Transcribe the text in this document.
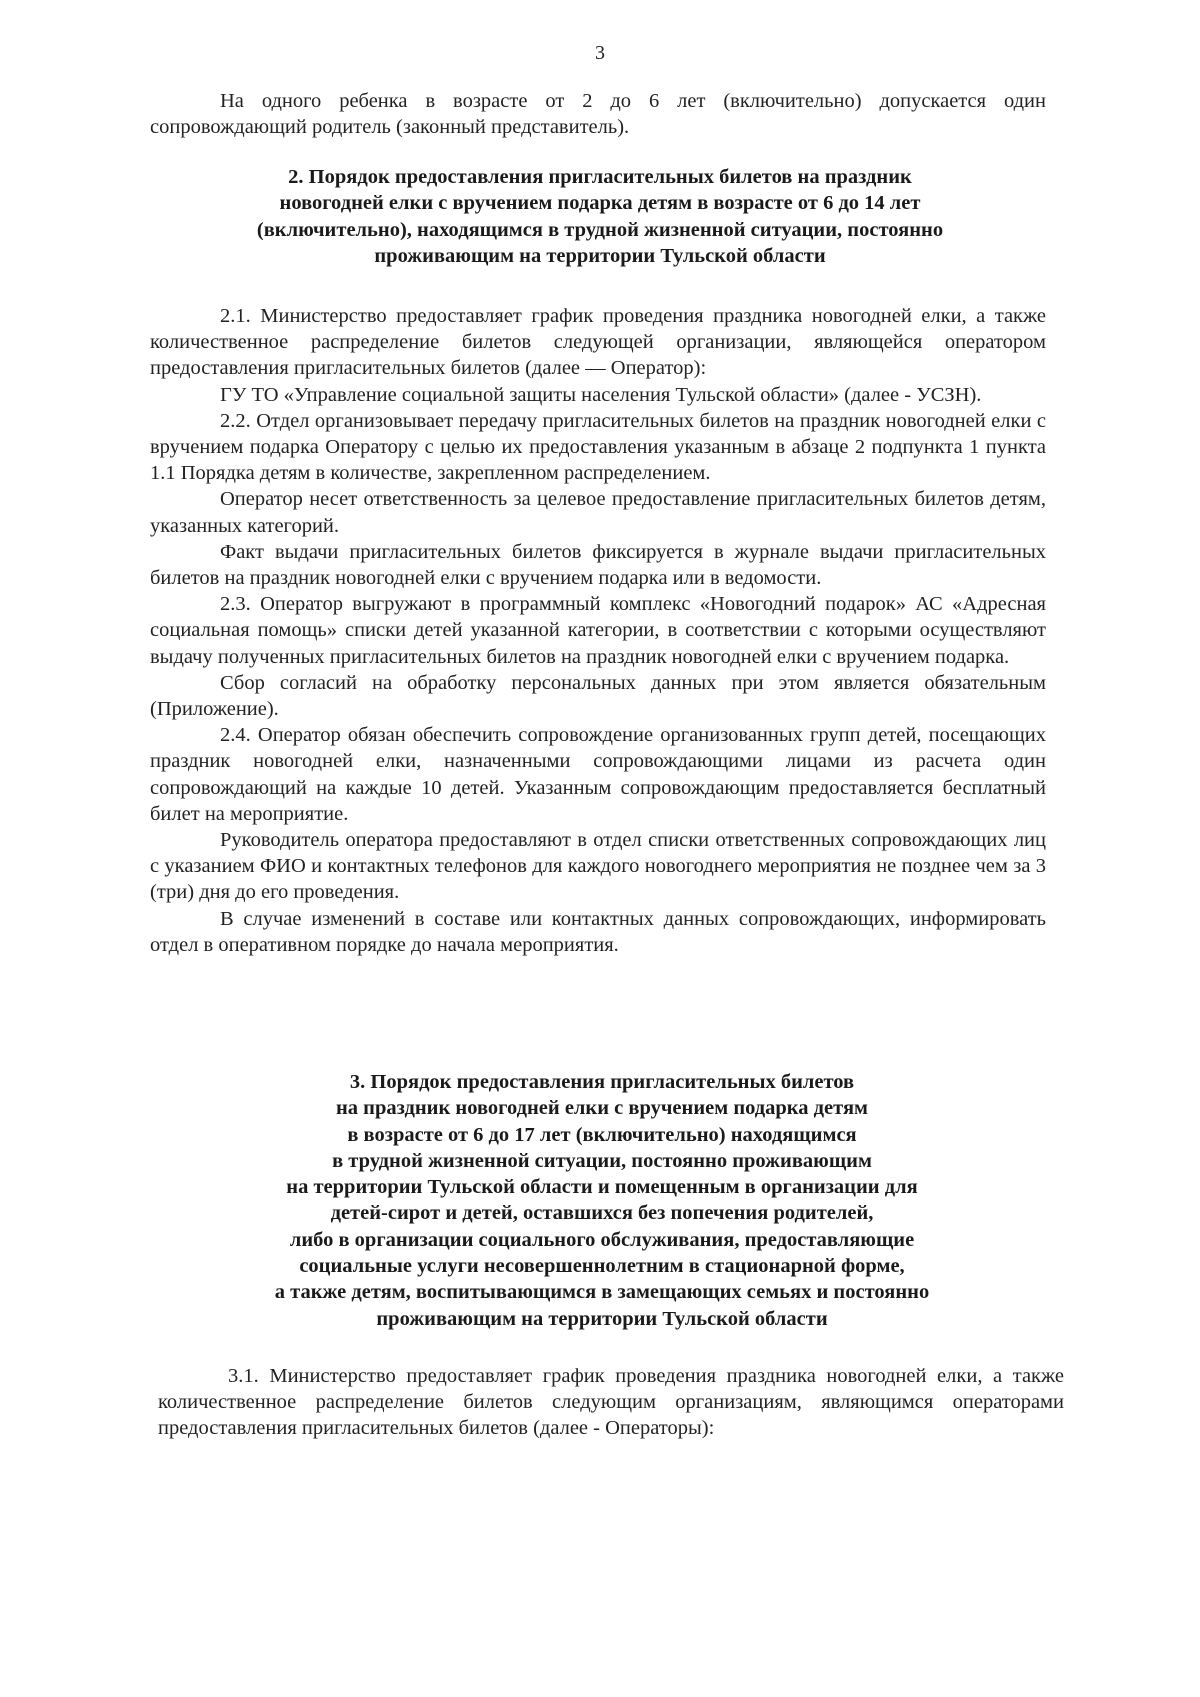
3

На одного ребенка в возрасте от 2 до 6 лет (включительно) допускается один сопровождающий родитель (законный представитель).

2. Порядок предоставления пригласительных билетов на праздник
новогодней елки с вручением подарка детям в возрасте от 6 до 14 лет
(включительно), находящимся в трудной жизненной ситуации, постоянно
проживающим на территории Тульской области

2.1. Министерство предоставляет график проведения праздника новогодней елки, а также количественное распределение билетов следующей организации, являющейся оператором предоставления пригласительных билетов (далее — Оператор):

ГУ ТО «Управление социальной защиты населения Тульской области» (далее - УСЗН).

2.2. Отдел организовывает передачу пригласительных билетов на праздник новогодней елки с вручением подарка Оператору с целью их предоставления указанным в абзаце 2 подпункта 1 пункта 1.1 Порядка детям в количестве, закрепленном распределением.

Оператор несет ответственность за целевое предоставление пригласительных билетов детям, указанных категорий.

Факт выдачи пригласительных билетов фиксируется в журнале выдачи пригласительных билетов на праздник новогодней елки с вручением подарка или в ведомости.

2.3. Оператор выгружают в программный комплекс «Новогодний подарок» АС «Адресная социальная помощь» списки детей указанной категории, в соответствии с которыми осуществляют выдачу полученных пригласительных билетов на праздник новогодней елки с вручением подарка.

Сбор согласий на обработку персональных данных при этом является обязательным (Приложение).

2.4. Оператор обязан обеспечить сопровождение организованных групп детей, посещающих праздник новогодней елки, назначенными сопровождающими лицами из расчета один сопровождающий на каждые 10 детей. Указанным сопровождающим предоставляется бесплатный билет на мероприятие.

Руководитель оператора предоставляют в отдел списки ответственных сопровождающих лиц с указанием ФИО и контактных телефонов для каждого новогоднего мероприятия не позднее чем за 3 (три) дня до его проведения.

В случае изменений в составе или контактных данных сопровождающих, информировать отдел в оперативном порядке до начала мероприятия.

3. Порядок предоставления пригласительных билетов
на праздник новогодней елки с вручением подарка детям
в возрасте от 6 до 17 лет (включительно) находящимся
в трудной жизненной ситуации, постоянно проживающим
на территории Тульской области и помещенным в организации для
детей-сирот и детей, оставшихся без попечения родителей,
либо в организации социального обслуживания, предоставляющие
социальные услуги несовершеннолетним в стационарной форме,
а также детям, воспитывающимся в замещающих семьях и постоянно
проживающим на территории Тульской области

3.1. Министерство предоставляет график проведения праздника новогодней елки, а также количественное распределение билетов следующим организациям, являющимся операторами предоставления пригласительных билетов (далее - Операторы):
